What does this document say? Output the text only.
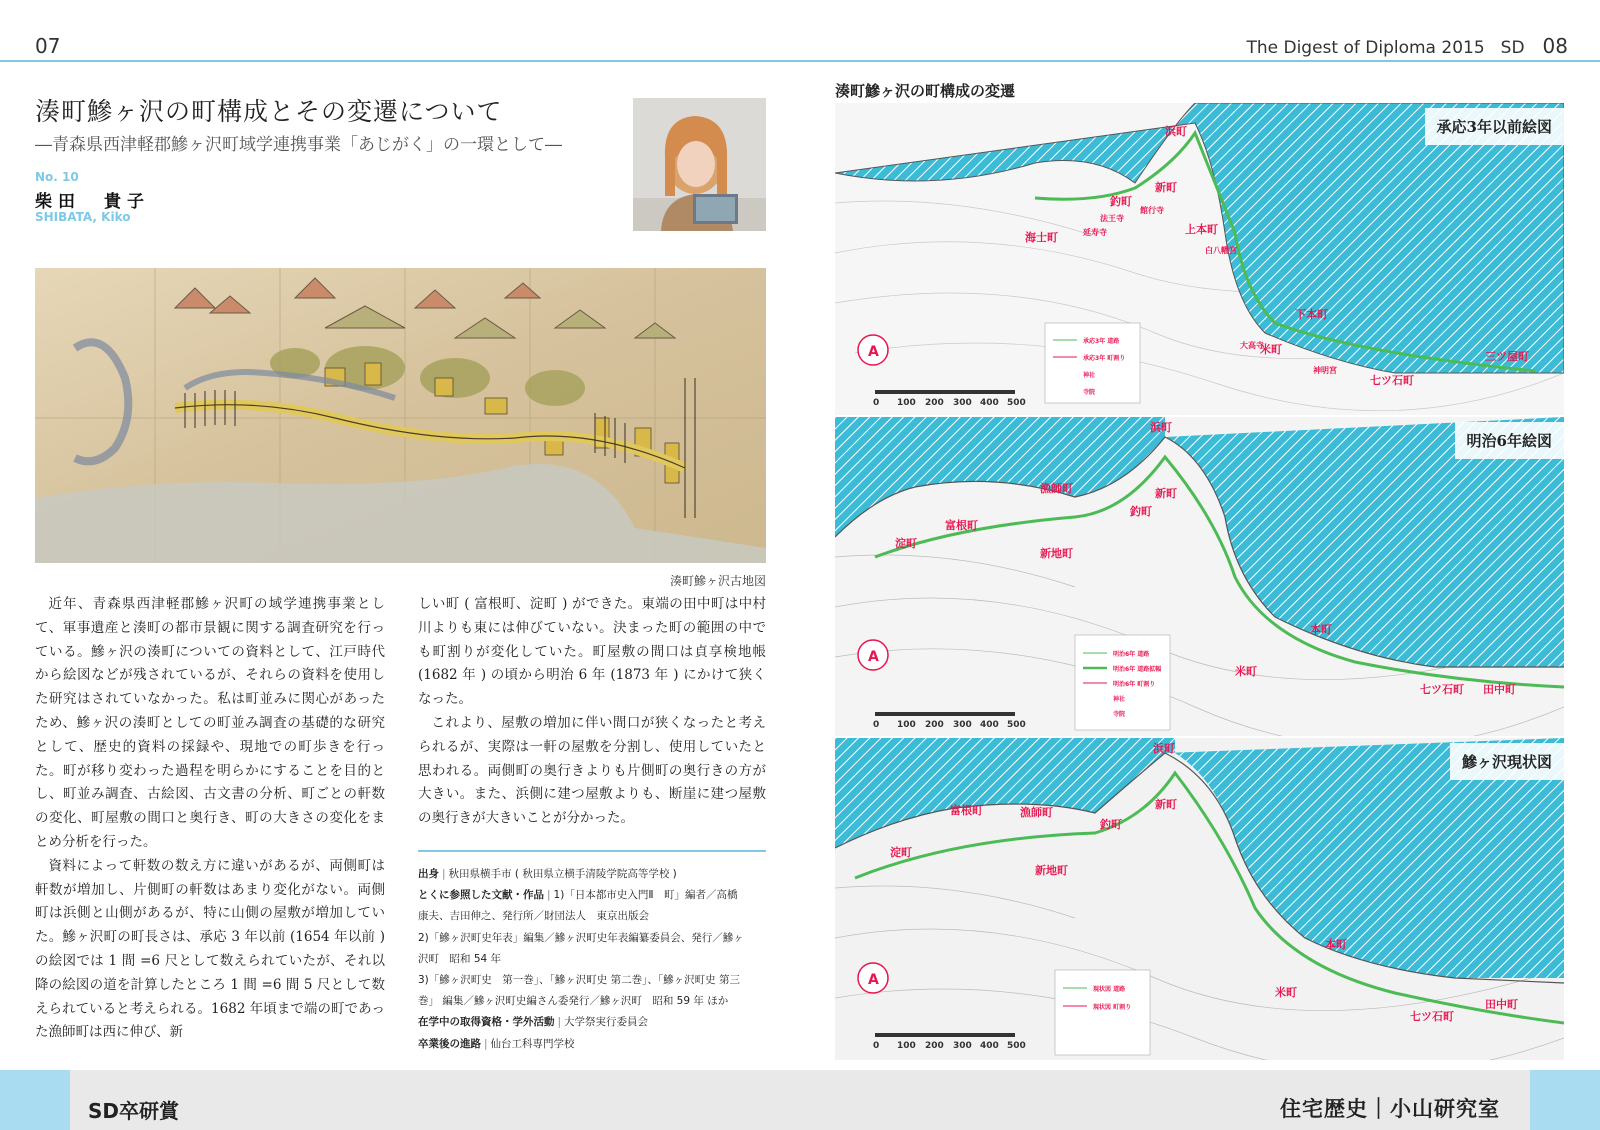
07	The Digest of Diploma 2015 SD 08
湊町鰺ヶ沢の町構成とその変遷について
―青森県西津軽郡鰺ヶ沢町域学連携事業「あじがく」の一環として―
No. 10
柴田　貴子
SHIBATA, Kiko
湊町鰺ヶ沢古地図

近年、青森県西津軽郡鰺ヶ沢町の域学連携事業として、軍事遺産と湊町の都市景観に関する調査研究を行っている。鰺ヶ沢の湊町についての資料として、江戸時代から絵図などが残されているが、それらの資料を使用した研究はされていなかった。私は町並みに関心があったため、鰺ヶ沢の湊町としての町並み調査の基礎的な研究として、歴史的資料の採録や、現地での町歩きを行った。町が移り変わった過程を明らかにすることを目的とし、町並み調査、古絵図、古文書の分析、町ごとの軒数の変化、町屋敷の間口と奥行き、町の大きさの変化をまとめ分析を行った。

資料によって軒数の数え方に違いがあるが、両側町は軒数が増加し、片側町の軒数はあまり変化がない。両側町は浜側と山側があるが、特に山側の屋敷が増加していた。鰺ヶ沢町の町長さは、承応 3 年以前 (1654 年以前 ) の絵図では 1 間 =6 尺として数えられていたが、それ以降の絵図の道を計算したところ 1 間 =6 間 5 尺として数えられていると考えられる。1682 年頃まで端の町であった漁師町は西に伸び、新

しい町 ( 富根町、淀町 ) ができた。東端の田中町は中村川よりも東には伸びていない。決まった町の範囲の中でも町割りが変化していた。町屋敷の間口は貞享検地帳 (1682 年 ) の頃から明治 6 年 (1873 年 ) にかけて狭くなった。

これより、屋敷の増加に伴い間口が狭くなったと考えられるが、実際は一軒の屋敷を分割し、使用していたと思われる。両側町の奥行きよりも片側町の奥行きの方が大きい。また、浜側に建つ屋敷よりも、断崖に建つ屋敷の奥行きが大きいことが分かった。

出身 | 秋田県横手市 ( 秋田県立横手清陵学院高等学校 )
とくに参照した文献・作品 | 1)「日本都市史入門Ⅱ　町」編者／高橋
康夫、吉田伸之、発行所／財団法人　東京出版会
2)「鰺ヶ沢町史年表」編集／鰺ヶ沢町史年表編纂委員会、発行／鰺ヶ
沢町　昭和 54 年
3)「鰺ヶ沢町史　第一巻」、「鰺ヶ沢町史 第二巻」、「鰺ヶ沢町史 第三
巻」 編集／鰺ヶ沢町史編さん委発行／鰺ヶ沢町　昭和 59 年 ほか
在学中の取得資格・学外活動 | 大学祭実行委員会
卒業後の進路 | 仙台工科専門学校
湊町鰺ヶ沢の町構成の変遷
浜町
新町
釣町
海士町
上本町
下本町
米町
三ツ屋町
七ツ石町
法王寺
延寿寺
館行寺
白八幡宮
大高寺
神明宮
A
承応3年 道路
承応3年 町割り
神社
寺院
0 100 200 300 400 500
承応3年以前絵図
浜町
漁師町	新町
釣町
富根町
淀町
新地町
本町
米町
七ツ石町 田中町
A	明治6年 道路
明治6年 道路拡幅
明治6年 町割り
神社
寺院
0 100 200 300 400 500
明治6年絵図
浜町
富根町	漁師町
新町
釣町
淀町
新地町
本町
米町
七ツ石町
田中町
A
現状図 道路
現状図 町割り
0 100 200 300 400 500
鰺ヶ沢現状図
SD卒研賞	住宅歴史｜小山研究室
